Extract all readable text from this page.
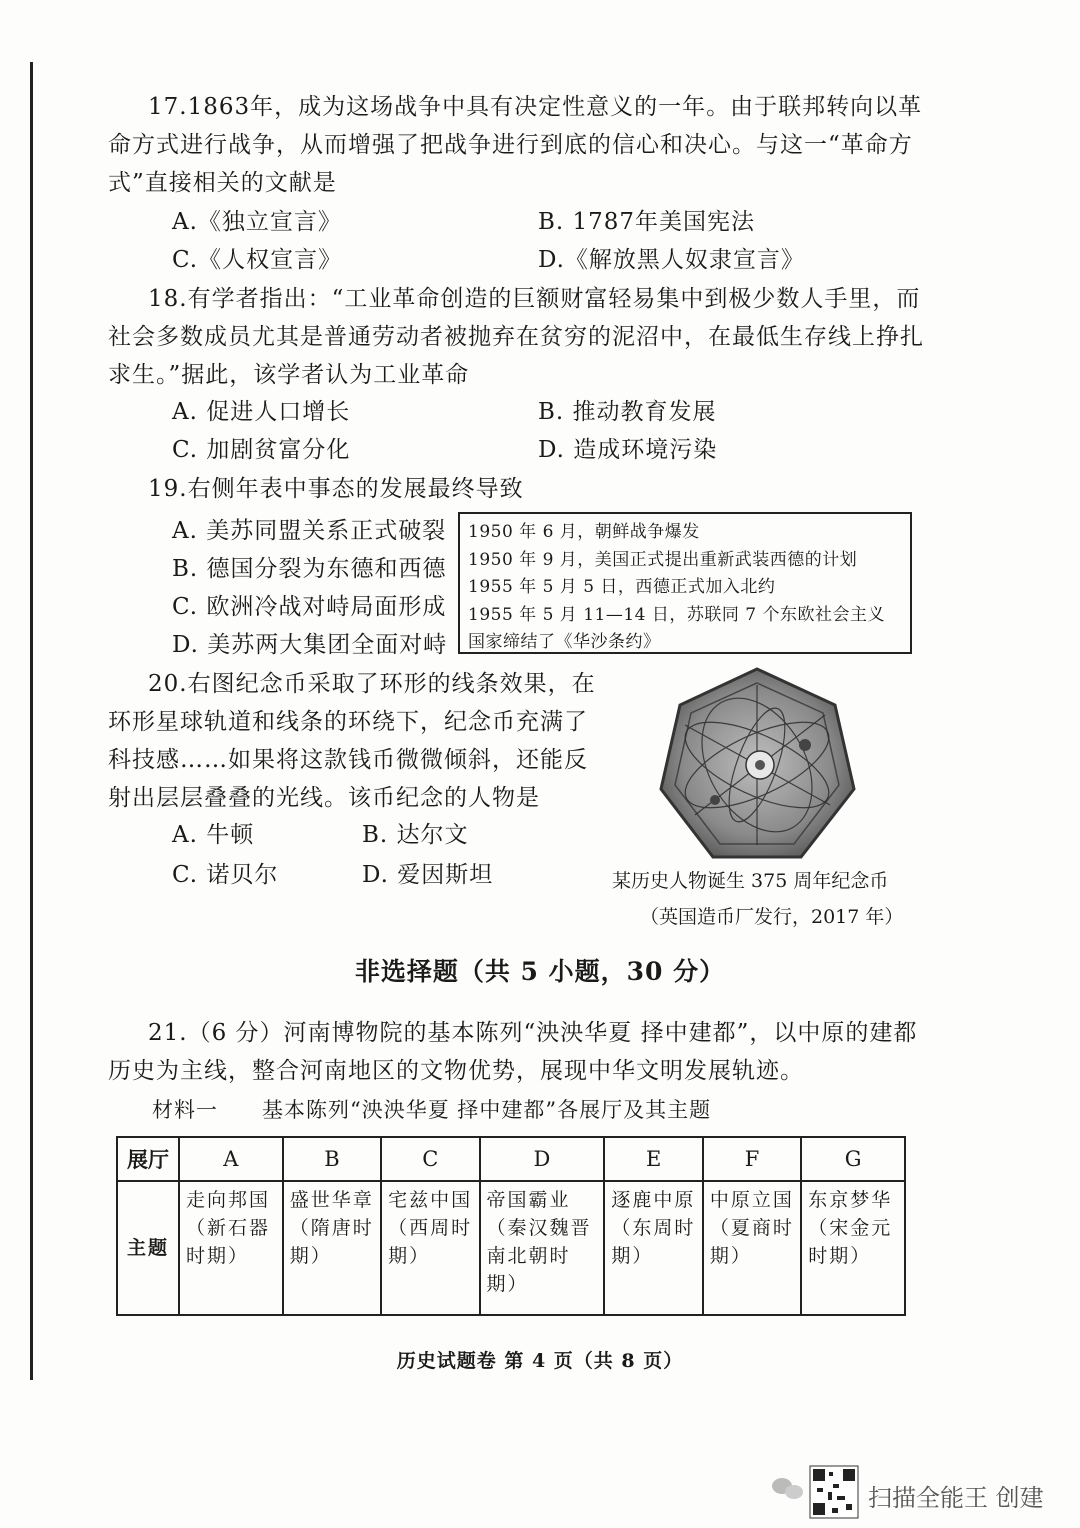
17.1863年，成为这场战争中具有决定性意义的一年。由于联邦转向以革命方式进行战争，从而增强了把战争进行到底的信心和决心。与这一“革命方式”直接相关的文献是
A.《独立宣言》	B. 1787年美国宪法
C.《人权宣言》	D.《解放黑人奴隶宣言》
18.有学者指出：“工业革命创造的巨额财富轻易集中到极少数人手里，而社会多数成员尤其是普通劳动者被抛弃在贫穷的泥沼中，在最低生存线上挣扎求生。”据此，该学者认为工业革命
A. 促进人口增长	B. 推动教育发展
C. 加剧贫富分化	D. 造成环境污染
19.右侧年表中事态的发展最终导致
A. 美苏同盟关系正式破裂
B. 德国分裂为东德和西德
C. 欧洲冷战对峙局面形成
D. 美苏两大集团全面对峙
1950 年 6 月，朝鲜战争爆发
1950 年 9 月，美国正式提出重新武装西德的计划
1955 年 5 月 5 日，西德正式加入北约
1955 年 5 月 11—14 日，苏联同 7 个东欧社会主义国家缔结了《华沙条约》
20.右图纪念币采取了环形的线条效果，在环形星球轨道和线条的环绕下，纪念币充满了科技感……如果将这款钱币微微倾斜，还能反射出层层叠叠的光线。该币纪念的人物是
A. 牛顿	B. 达尔文
C. 诺贝尔	D. 爱因斯坦	某历史人物诞生 375 周年纪念币
（英国造币厂发行，2017 年）
非选择题（共 5 小题，30 分）
21.（6 分）河南博物院的基本陈列“泱泱华夏 择中建都”，以中原的建都历史为主线，整合河南地区的文物优势，展现中华文明发展轨迹。
材料一　　基本陈列“泱泱华夏 择中建都”各展厅及其主题
展厅	A	B	C	D	E	F	G
主题	走向邦国（新石器时期）	盛世华章（隋唐时期）	宅兹中国（西周时期）	帝国霸业（秦汉魏晋南北朝时期）	逐鹿中原（东周时期）	中原立国（夏商时期）	东京梦华（宋金元时期）
历史试题卷 第 4 页（共 8 页）
扫描全能王 创建
